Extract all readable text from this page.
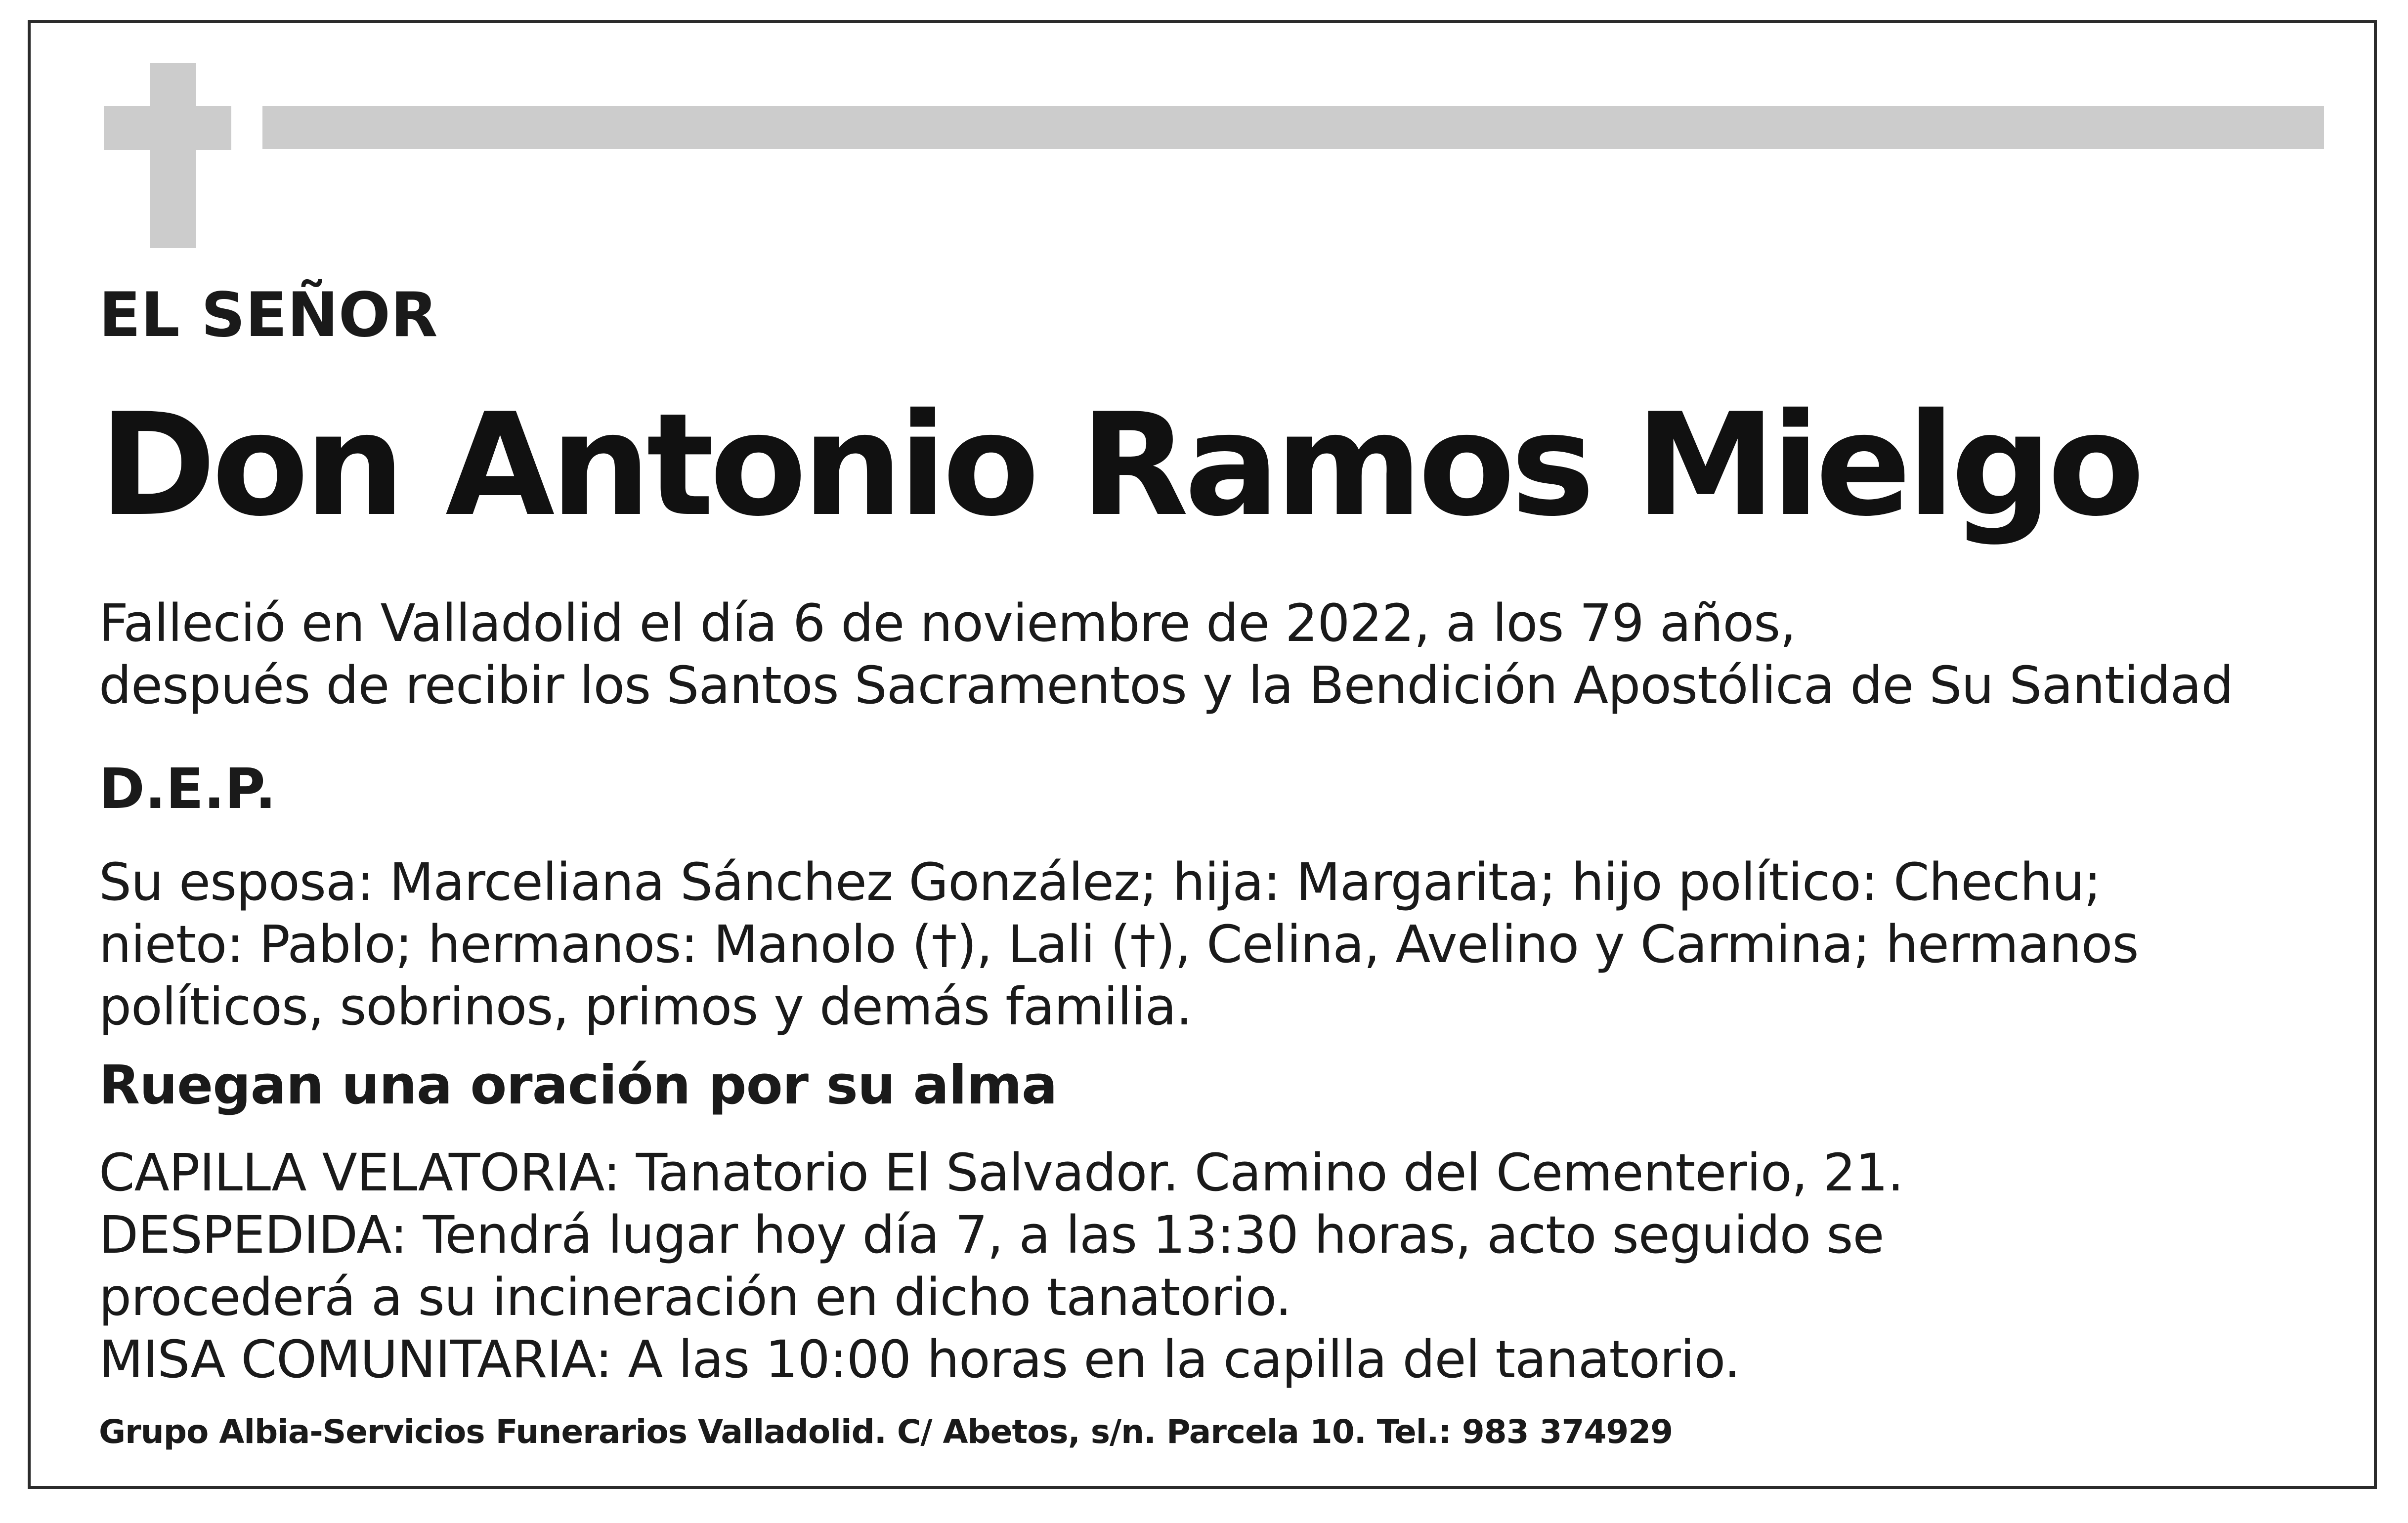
EL SEÑOR

Don Antonio Ramos Mielgo

Falleció en Valladolid el día 6 de noviembre de 2022, a los 79 años,
después de recibir los Santos Sacramentos y la Bendición Apostólica de Su Santidad

D.E.P.

Su esposa: Marceliana Sánchez González; hija: Margarita; hijo político: Chechu;
nieto: Pablo; hermanos: Manolo (†), Lali (†), Celina, Avelino y Carmina; hermanos
políticos, sobrinos, primos y demás familia.

Ruegan una oración por su alma

CAPILLA VELATORIA: Tanatorio El Salvador. Camino del Cementerio, 21.
DESPEDIDA: Tendrá lugar hoy día 7, a las 13:30 horas, acto seguido se
procederá a su incineración en dicho tanatorio.
MISA COMUNITARIA: A las 10:00 horas en la capilla del tanatorio.

Grupo Albia-Servicios Funerarios Valladolid. C/ Abetos, s/n. Parcela 10. Tel.: 983 374929
